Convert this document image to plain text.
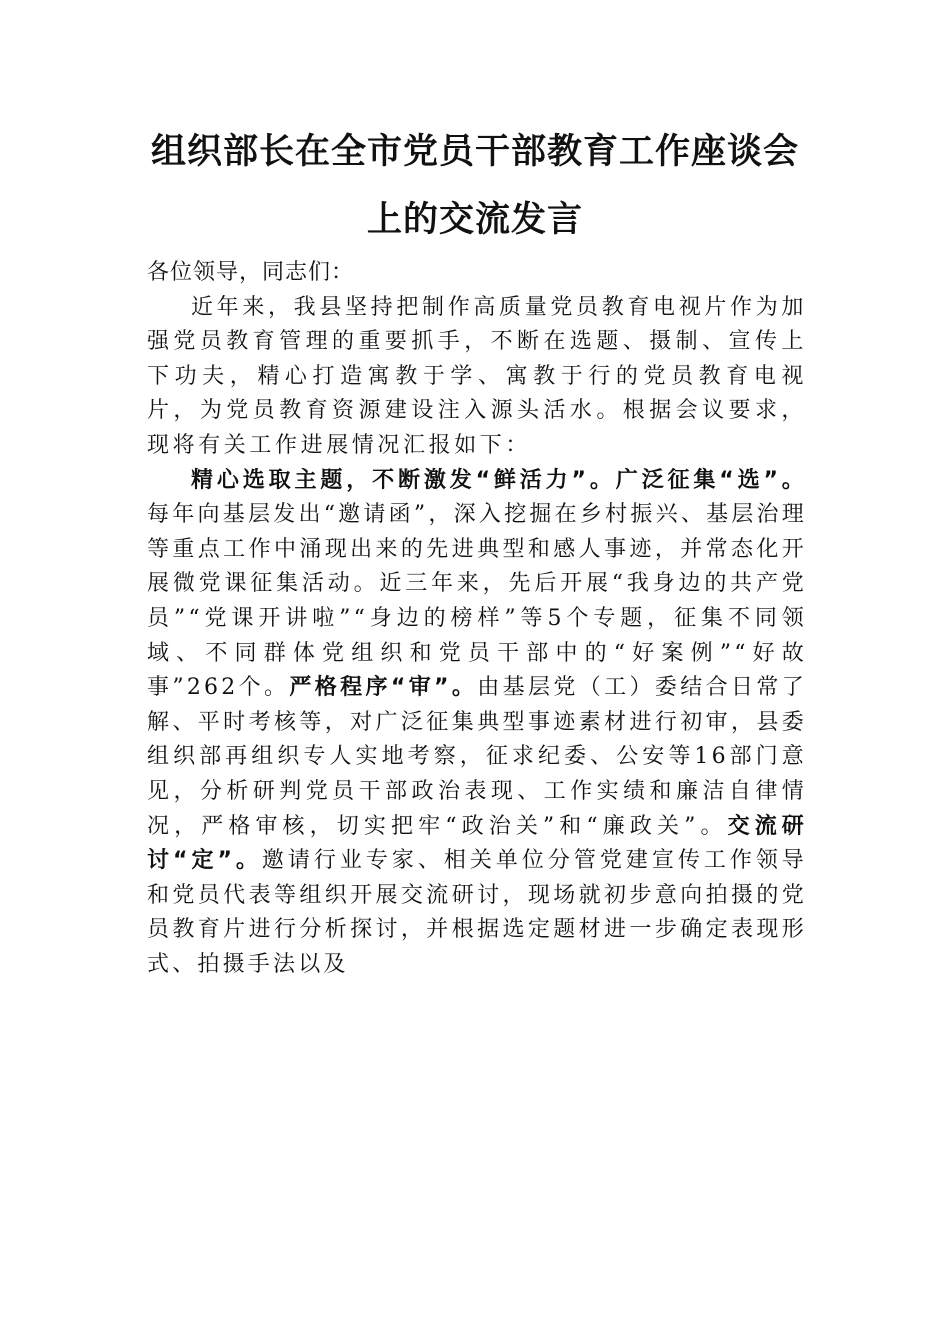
组织部长在全市党员干部教育工作座谈会
上的交流发言

各位领导，同志们：

近年来，我县坚持把制作高质量党员教育电视片作为加强党员教育管理的重要抓手，不断在选题、摄制、宣传上下功夫，精心打造寓教于学、寓教于行的党员教育电视片，为党员教育资源建设注入源头活水。根据会议要求，现将有关工作进展情况汇报如下：

精心选取主题，不断激发“鲜活力”。广泛征集“选”。每年向基层发出“邀请函”，深入挖掘在乡村振兴、基层治理等重点工作中涌现出来的先进典型和感人事迹，并常态化开展微党课征集活动。近三年来，先后开展“我身边的共产党员”“党课开讲啦”“身边的榜样”等5个专题，征集不同领域、不同群体党组织和党员干部中的“好案例”“好故事”262个。严格程序“审”。由基层党（工）委结合日常了解、平时考核等，对广泛征集典型事迹素材进行初审，县委组织部再组织专人实地考察，征求纪委、公安等16部门意见，分析研判党员干部政治表现、工作实绩和廉洁自律情况，严格审核，切实把牢“政治关”和“廉政关”。交流研讨“定”。邀请行业专家、相关单位分管党建宣传工作领导和党员代表等组织开展交流研讨，现场就初步意向拍摄的党员教育片进行分析探讨，并根据选定题材进一步确定表现形式、拍摄手法以及
